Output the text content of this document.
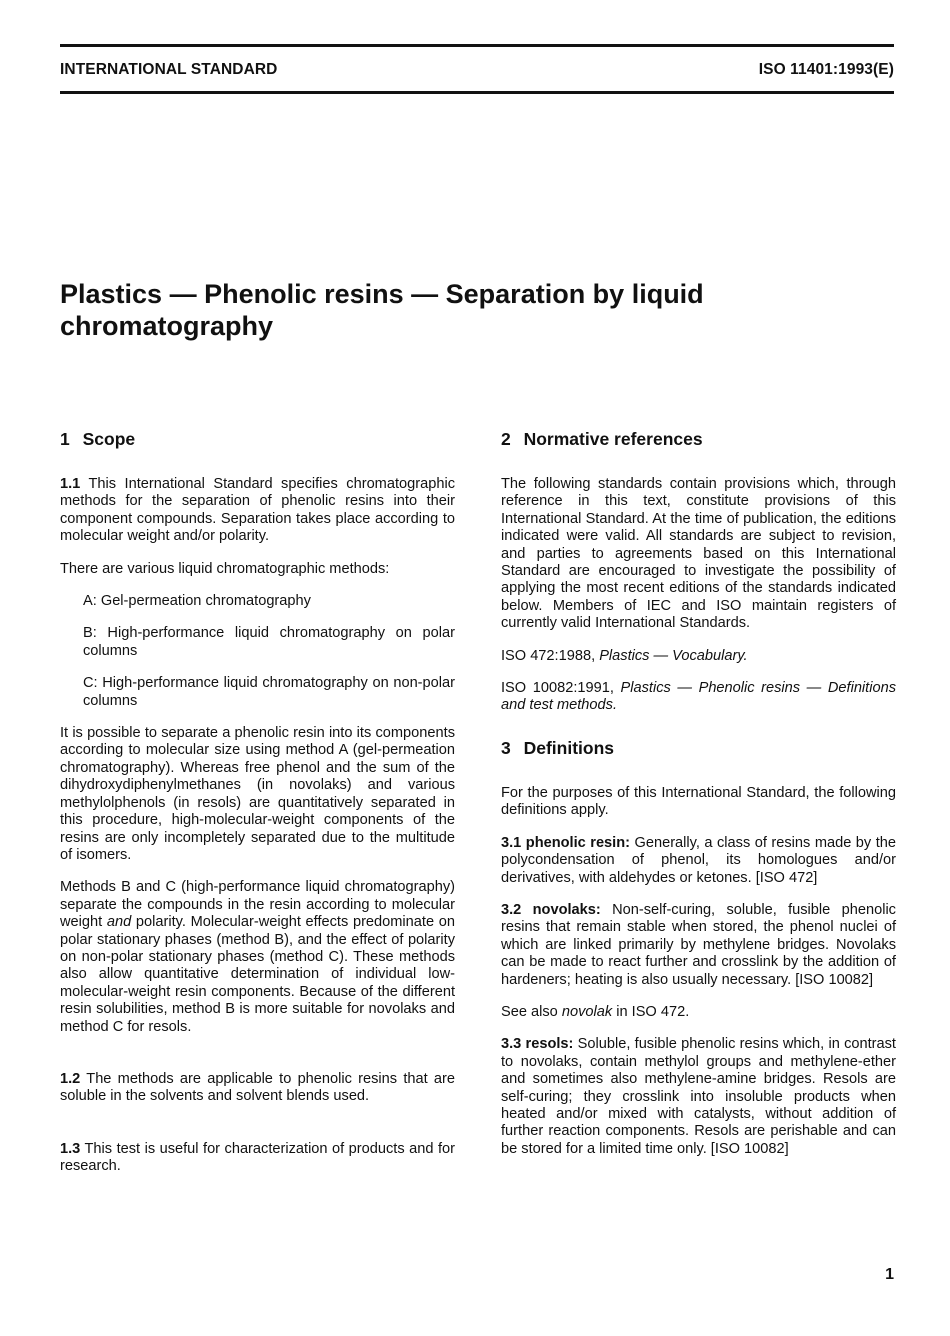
INTERNATIONAL STANDARD	ISO 11401:1993(E)
Plastics — Phenolic resins — Separation by liquid
chromatography
1 Scope

1.1 This International Standard specifies chromatographic methods for the separation of phenolic resins into their component compounds. Separation takes place according to molecular weight and/or polarity.

There are various liquid chromatographic methods:

A: Gel-permeation chromatography

B: High-performance liquid chromatography on polar columns

C: High-performance liquid chromatography on non-polar columns

It is possible to separate a phenolic resin into its components according to molecular size using method A (gel-permeation chromatography). Whereas free phenol and the sum of the dihydroxydiphenylmethanes (in novolaks) and various methylolphenols (in resols) are quantitatively separated in this procedure, high-molecular-weight components of the resins are only incompletely separated due to the multitude of isomers.

Methods B and C (high-performance liquid chromatography) separate the compounds in the resin according to molecular weight and polarity. Molecular-weight effects predominate on polar stationary phases (method B), and the effect of polarity on non-polar stationary phases (method C). These methods also allow quantitative determination of individual low-molecular-weight resin components. Because of the different resin solubilities, method B is more suitable for novolaks and method C for resols.

1.2 The methods are applicable to phenolic resins that are soluble in the solvents and solvent blends used.

1.3 This test is useful for characterization of products and for research.

2 Normative references

The following standards contain provisions which, through reference in this text, constitute provisions of this International Standard. At the time of publication, the editions indicated were valid. All standards are subject to revision, and parties to agreements based on this International Standard are encouraged to investigate the possibility of applying the most recent editions of the standards indicated below. Members of IEC and ISO maintain registers of currently valid International Standards.

ISO 472:1988, Plastics — Vocabulary.

ISO 10082:1991, Plastics — Phenolic resins — Definitions and test methods.

3 Definitions

For the purposes of this International Standard, the following definitions apply.

3.1 phenolic resin: Generally, a class of resins made by the polycondensation of phenol, its homologues and/or derivatives, with aldehydes or ketones. [ISO 472]

3.2 novolaks: Non-self-curing, soluble, fusible phenolic resins that remain stable when stored, the phenol nuclei of which are linked primarily by methylene bridges. Novolaks can be made to react further and crosslink by the addition of hardeners; heating is also usually necessary. [ISO 10082]

See also novolak in ISO 472.

3.3 resols: Soluble, fusible phenolic resins which, in contrast to novolaks, contain methylol groups and methylene-ether and sometimes also methylene-amine bridges. Resols are self-curing; they crosslink into insoluble products when heated and/or mixed with catalysts, without addition of further reaction components. Resols are perishable and can be stored for a limited time only. [ISO 10082]

1
